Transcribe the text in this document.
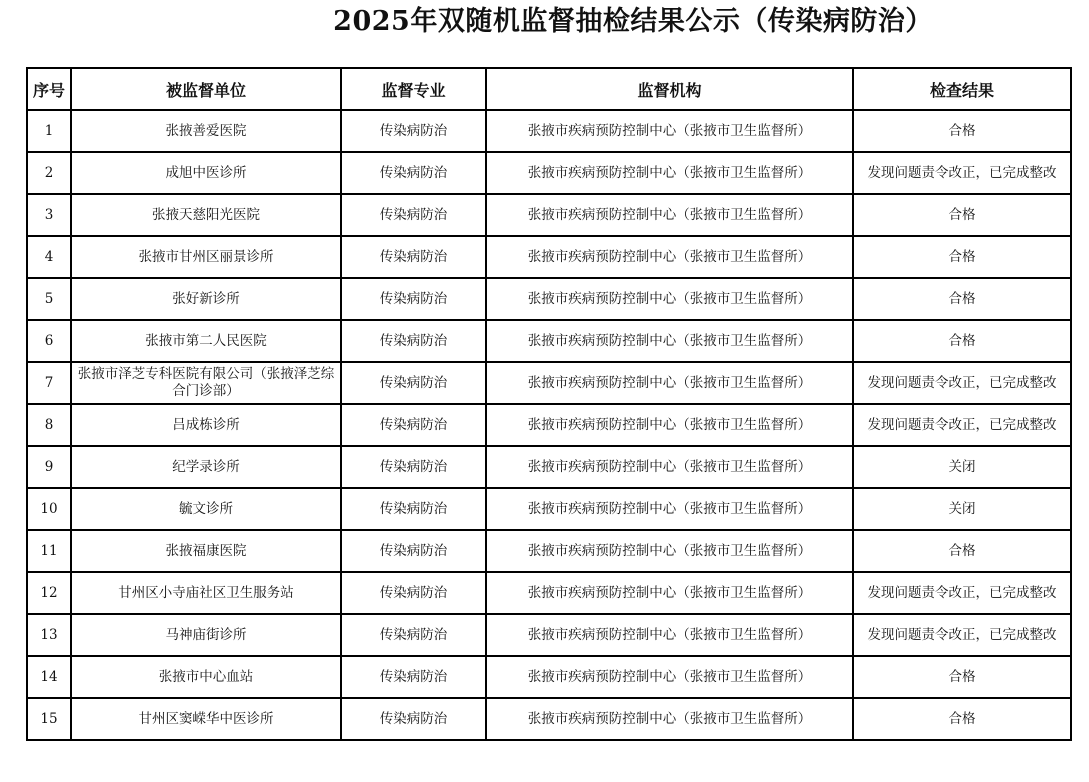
2025年双随机监督抽检结果公示（传染病防治）
序号	被监督单位	监督专业	监督机构	检查结果
1	张掖善爱医院	传染病防治	张掖市疾病预防控制中心（张掖市卫生监督所）	合格
2	成旭中医诊所	传染病防治	张掖市疾病预防控制中心（张掖市卫生监督所）	发现问题责令改正，已完成整改
3	张掖天慈阳光医院	传染病防治	张掖市疾病预防控制中心（张掖市卫生监督所）	合格
4	张掖市甘州区丽景诊所	传染病防治	张掖市疾病预防控制中心（张掖市卫生监督所）	合格
5	张好新诊所	传染病防治	张掖市疾病预防控制中心（张掖市卫生监督所）	合格
6	张掖市第二人民医院	传染病防治	张掖市疾病预防控制中心（张掖市卫生监督所）	合格
7	张掖市泽芝专科医院有限公司（张掖泽芝综合门诊部）	传染病防治	张掖市疾病预防控制中心（张掖市卫生监督所）	发现问题责令改正，已完成整改
8	吕成栋诊所	传染病防治	张掖市疾病预防控制中心（张掖市卫生监督所）	发现问题责令改正，已完成整改
9	纪学录诊所	传染病防治	张掖市疾病预防控制中心（张掖市卫生监督所）	关闭
10	毓文诊所	传染病防治	张掖市疾病预防控制中心（张掖市卫生监督所）	关闭
11	张掖福康医院	传染病防治	张掖市疾病预防控制中心（张掖市卫生监督所）	合格
12	甘州区小寺庙社区卫生服务站	传染病防治	张掖市疾病预防控制中心（张掖市卫生监督所）	发现问题责令改正，已完成整改
13	马神庙街诊所	传染病防治	张掖市疾病预防控制中心（张掖市卫生监督所）	发现问题责令改正，已完成整改
14	张掖市中心血站	传染病防治	张掖市疾病预防控制中心（张掖市卫生监督所）	合格
15	甘州区窦嵘华中医诊所	传染病防治	张掖市疾病预防控制中心（张掖市卫生监督所）	合格
